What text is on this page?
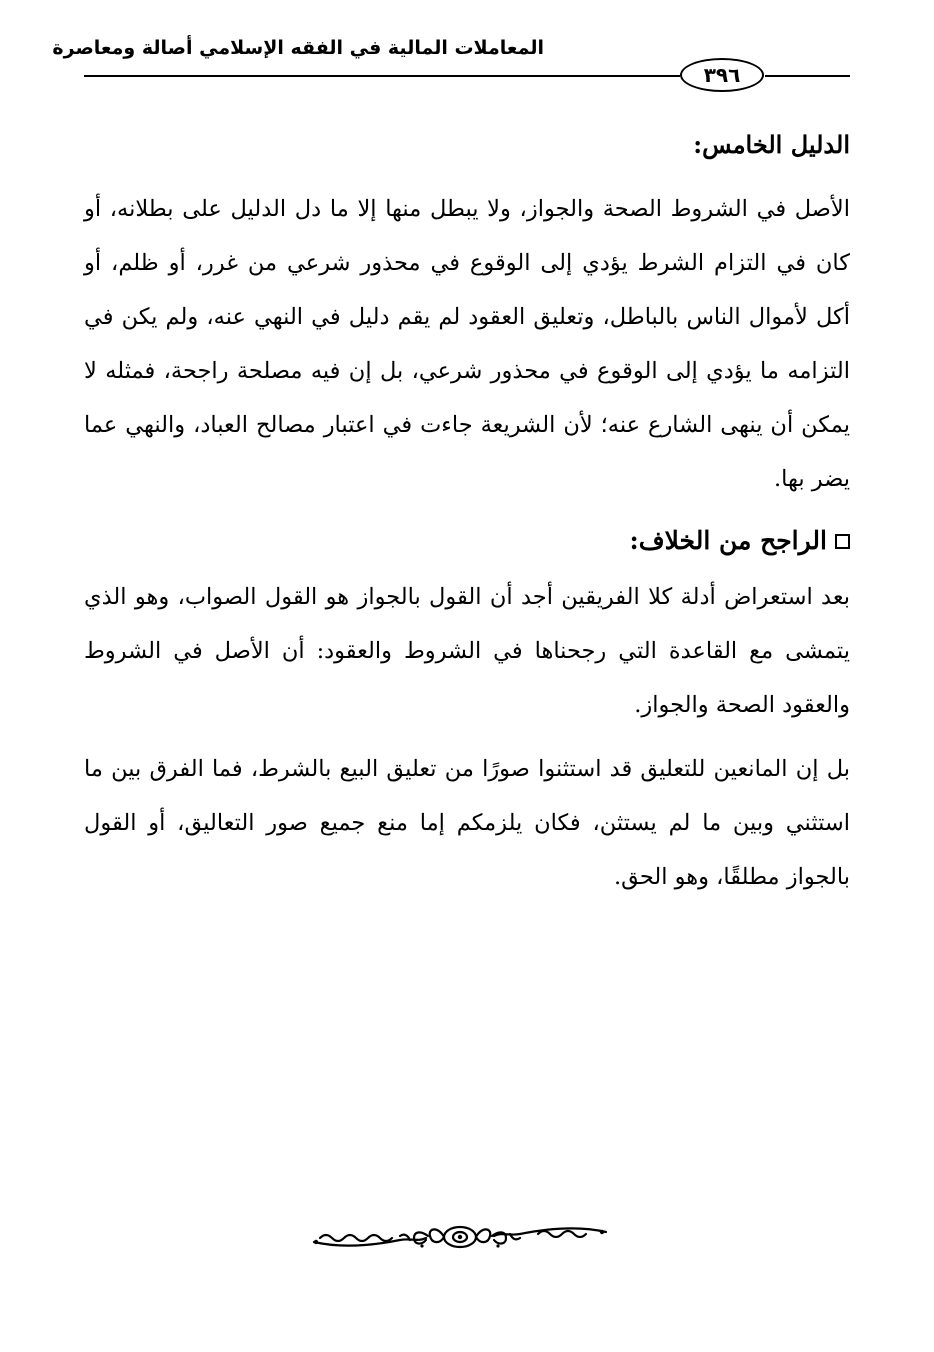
المعاملات المالية في الفقه الإسلامي أصالة ومعاصرة
٣٩٦

الدليل الخامس:

الأصل في الشروط الصحة والجواز، ولا يبطل منها إلا ما دل الدليل على بطلانه، أو كان في التزام الشرط يؤدي إلى الوقوع في محذور شرعي من غرر، أو ظلم، أو أكل لأموال الناس بالباطل، وتعليق العقود لم يقم دليل في النهي عنه، ولم يكن في التزامه ما يؤدي إلى الوقوع في محذور شرعي، بل إن فيه مصلحة راجحة، فمثله لا يمكن أن ينهى الشارع عنه؛ لأن الشريعة جاءت في اعتبار مصالح العباد، والنهي عما يضر بها.

الراجح من الخلاف:

بعد استعراض أدلة كلا الفريقين أجد أن القول بالجواز هو القول الصواب، وهو الذي يتمشى مع القاعدة التي رجحناها في الشروط والعقود: أن الأصل في الشروط والعقود الصحة والجواز.

بل إن المانعين للتعليق قد استثنوا صورًا من تعليق البيع بالشرط، فما الفرق بين ما استثني وبين ما لم يستثن، فكان يلزمكم إما منع جميع صور التعاليق، أو القول بالجواز مطلقًا، وهو الحق.
